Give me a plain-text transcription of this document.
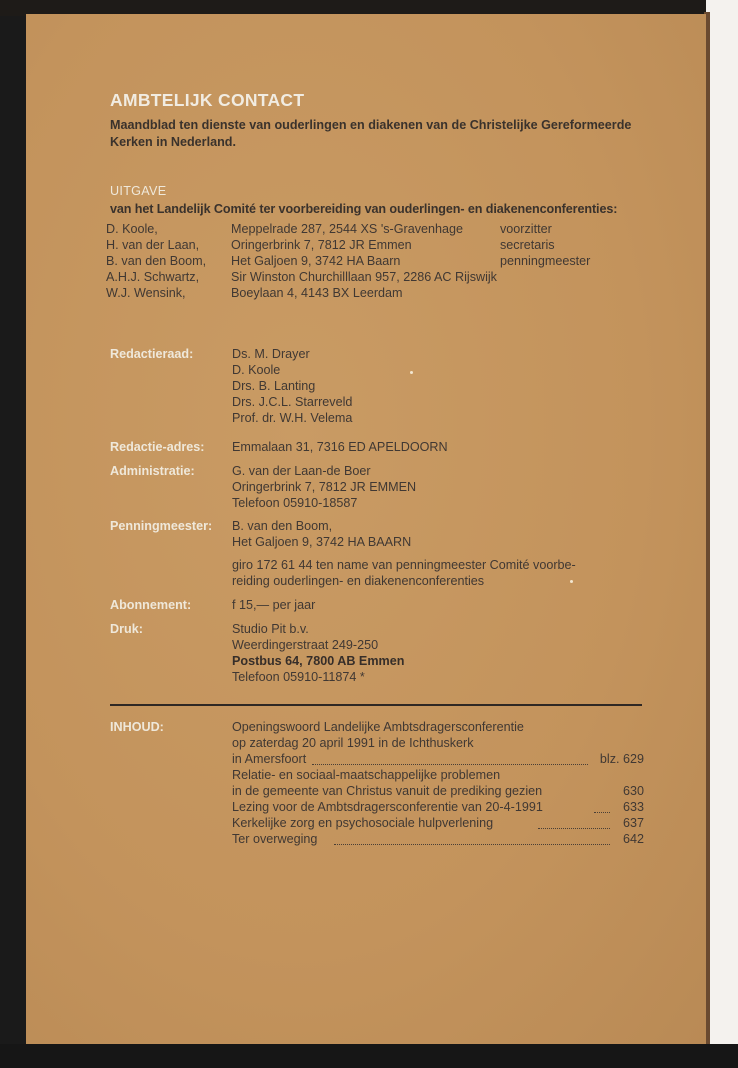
AMBTELIJK CONTACT
Maandblad ten dienste van ouderlingen en diakenen van de Christelijke Gereformeerde Kerken in Nederland.
UITGAVE
van het Landelijk Comité ter voorbereiding van ouderlingen- en diakenenconferenties:
D. Koole,	Meppelrade 287, 2544 XS 's-Gravenhage	voorzitter
H. van der Laan,	Oringerbrink 7, 7812 JR Emmen	secretaris
B. van den Boom, Het Galjoen 9, 3742 HA Baarn	penningmeester
A.H.J. Schwartz,	Sir Winston Churchilllaan 957, 2286 AC Rijswijk
W.J. Wensink,	Boeylaan 4, 4143 BX Leerdam
Redactieraad:	Ds. M. Drayer
D. Koole
Drs. B. Lanting
Drs. J.C.L. Starreveld
Prof. dr. W.H. Velema
Redactie-adres: Emmalaan 31, 7316 ED APELDOORN
Administratie:	G. van der Laan-de Boer
Oringerbrink 7, 7812 JR EMMEN
Telefoon 05910-18587
Penningmeester: B. van den Boom,
Het Galjoen 9, 3742 HA BAARN
giro 172 61 44 ten name van penningmeester Comité voorbe-
reiding ouderlingen- en diakenenconferenties
Abonnement:	f 15,— per jaar
Druk:	Studio Pit b.v.
Weerdingerstraat 249-250
Postbus 64, 7800 AB Emmen
Telefoon 05910-11874 *
INHOUD:	Openingswoord Landelijke Ambtsdragersconferentie
op zaterdag 20 april 1991 in de Ichthuskerk
in Amersfoort	blz. 629
Relatie- en sociaal-maatschappelijke problemen
in de gemeente van Christus vanuit de prediking gezien	630
Lezing voor de Ambtsdragersconferentie van 20-4-1991	633
Kerkelijke zorg en psychosociale hulpverlening	637
Ter overweging	642
